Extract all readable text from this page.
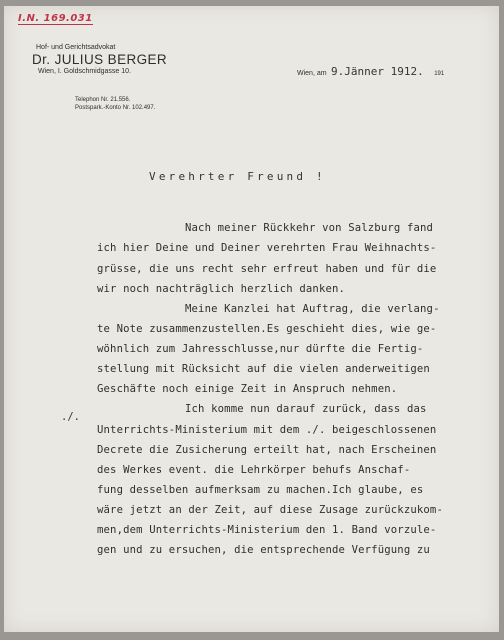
I.N. 169.031
Hof- und Gerichtsadvokat
Dr. JULIUS BERGER
Wien, I. Goldschmidgasse 10.
Telephon Nr. 21.556.
Postspark.-Konto Nr. 102.497.
Wien, am 9.Jänner 1912. 191
Verehrter Freund !
./.
Nach meiner Rückkehr von Salzburg fand
ich hier Deine und Deiner verehrten Frau Weihnachts-
grüsse, die uns recht sehr erfreut haben und für die
wir noch nachträglich herzlich danken.
Meine Kanzlei hat Auftrag, die verlang-
te Note zusammenzustellen.Es geschieht dies, wie ge-
wöhnlich zum Jahresschlusse,nur dürfte die Fertig-
stellung mit Rücksicht auf die vielen anderweitigen
Geschäfte noch einige Zeit in Anspruch nehmen.
Ich komme nun darauf zurück, dass das
Unterrichts-Ministerium mit dem ./. beigeschlossenen
Decrete die Zusicherung erteilt hat, nach Erscheinen
des Werkes event. die Lehrkörper behufs Anschaf-
fung desselben aufmerksam zu machen.Ich glaube, es
wäre jetzt an der Zeit, auf diese Zusage zurückzukom-
men,dem Unterrichts-Ministerium den 1. Band vorzule-
gen und zu ersuchen, die entsprechende Verfügung zu
